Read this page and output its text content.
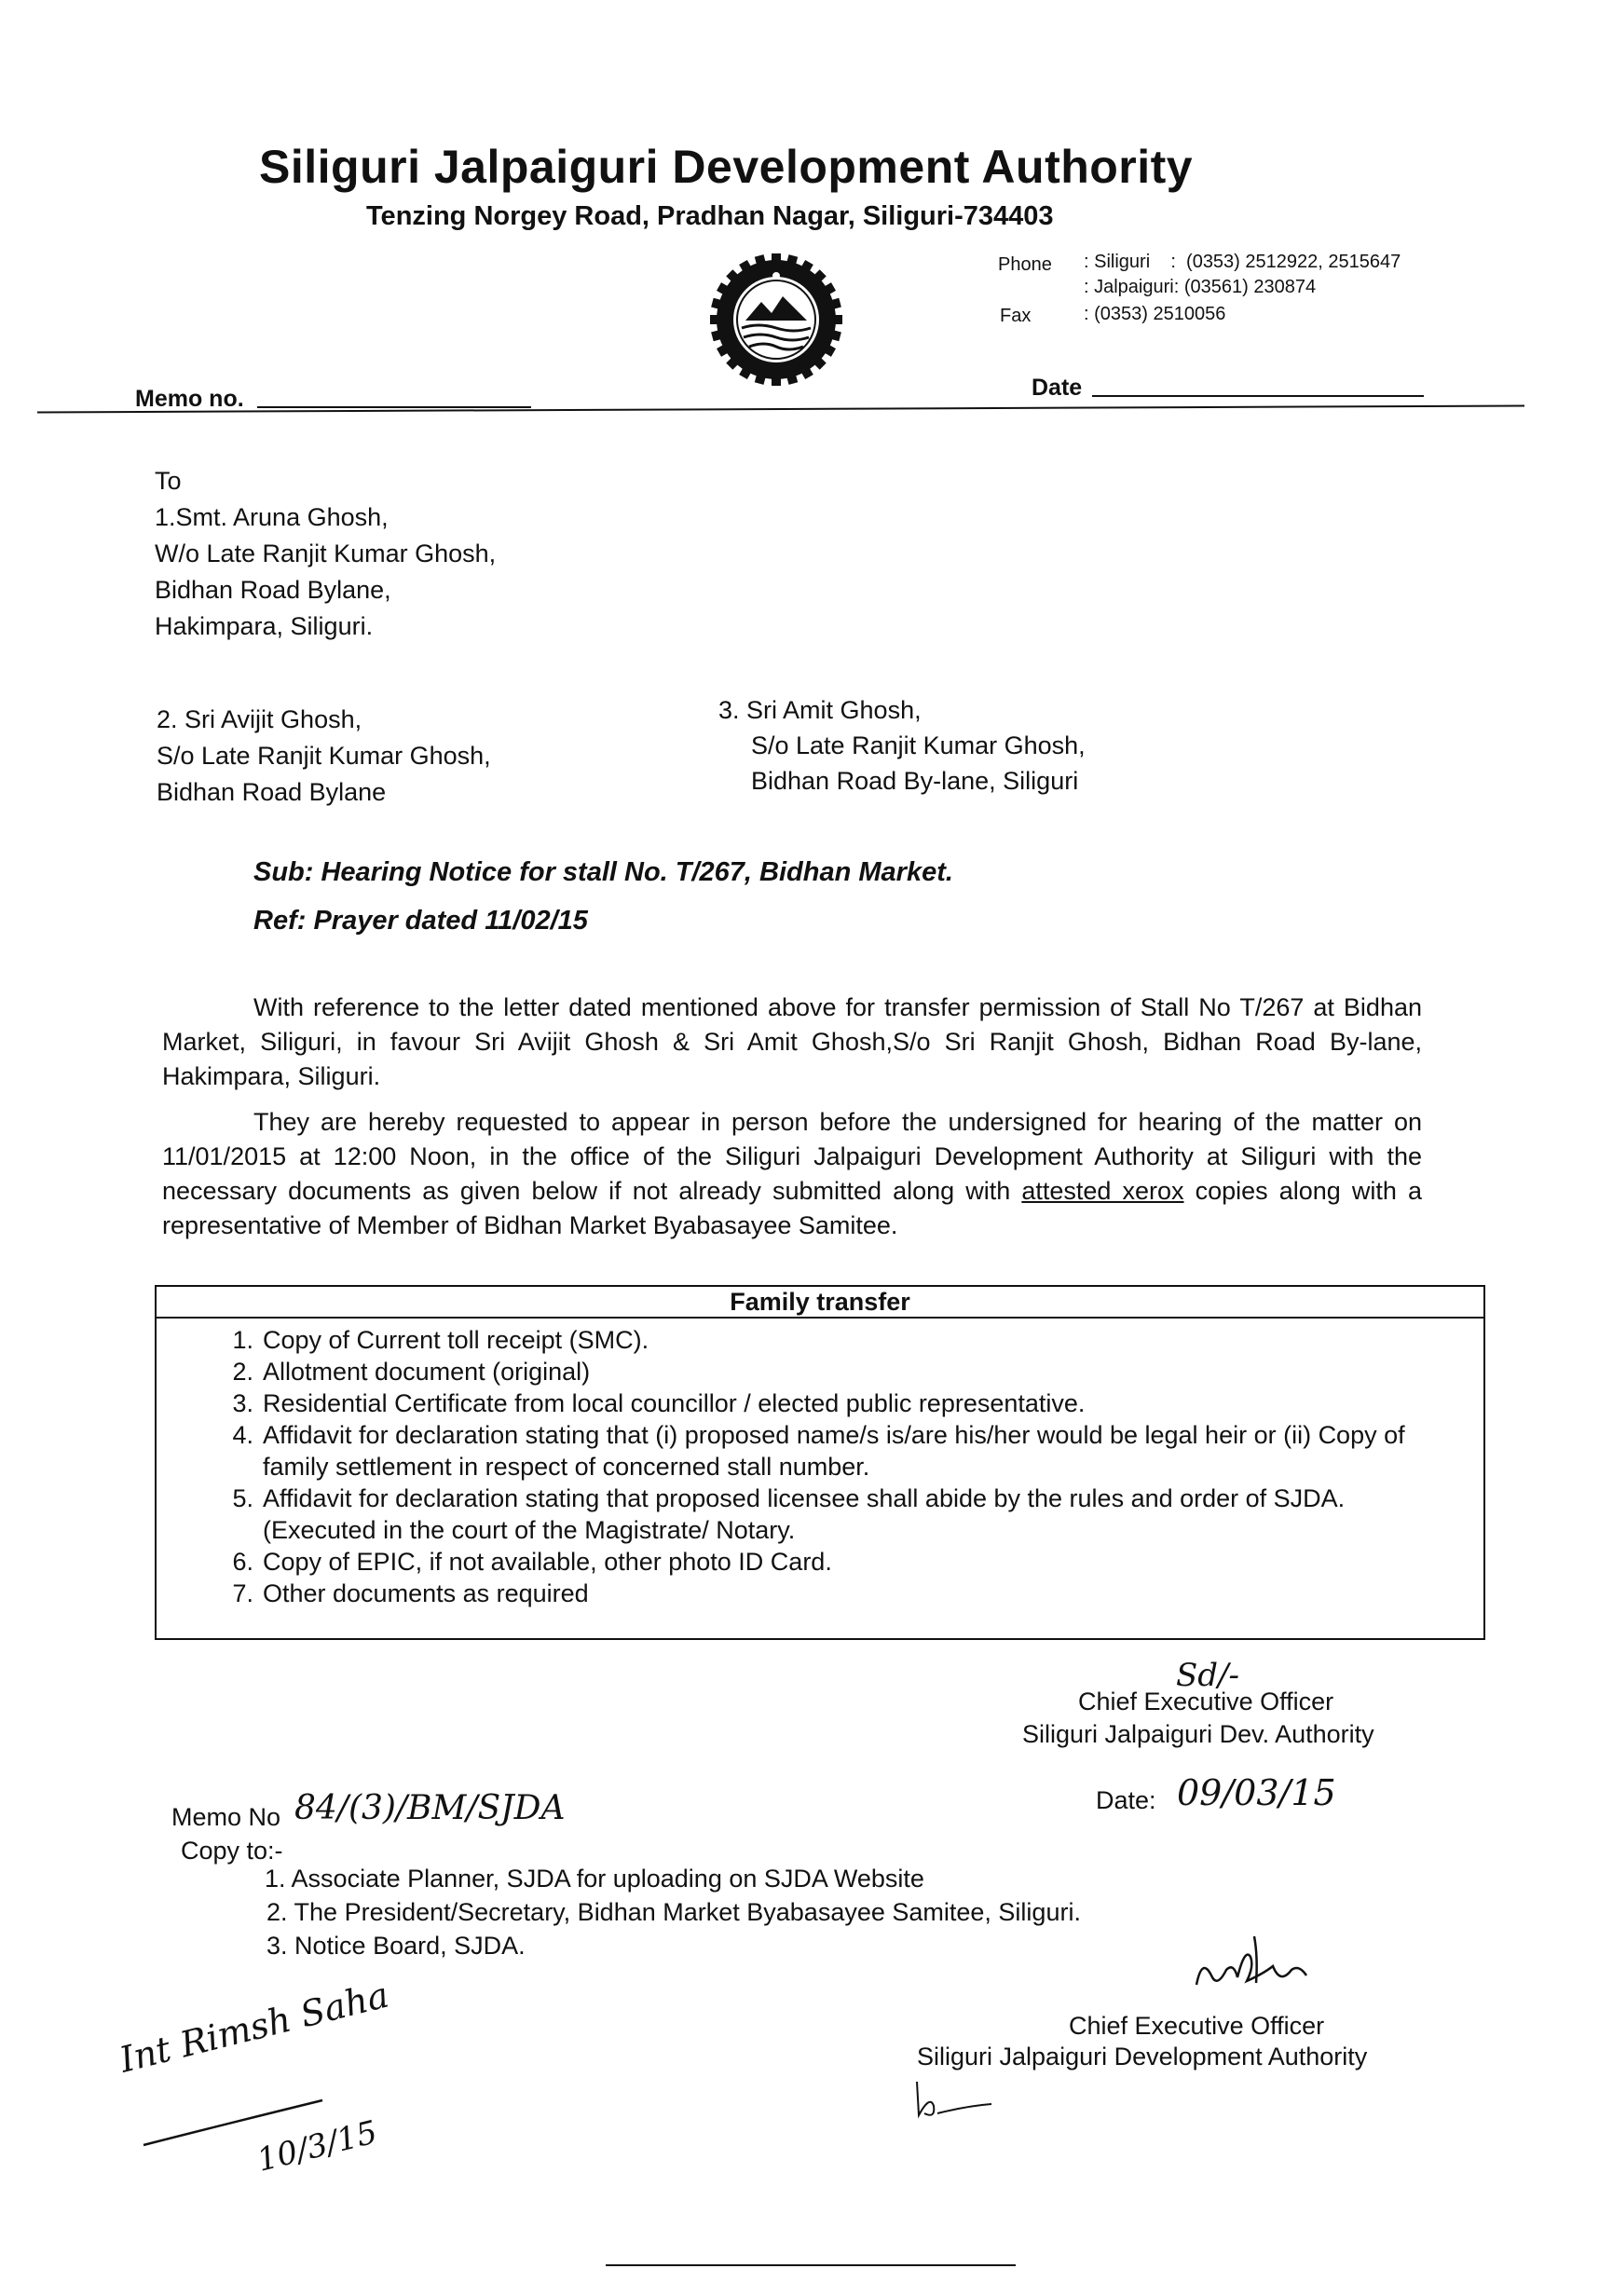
Siliguri Jalpaiguri Development Authority
Tenzing Norgey Road, Pradhan Nagar, Siliguri-734403
Phone : Siliguri    :  (0353) 2512922, 2515647
: Jalpaiguri: (03561) 230874
Fax	: (0353) 2510056
Memo no.	Date
To
1.Smt. Aruna Ghosh,
W/o Late Ranjit Kumar Ghosh,
Bidhan Road Bylane,
Hakimpara, Siliguri.
2. Sri Avijit Ghosh,
S/o Late Ranjit Kumar Ghosh,
Bidhan Road Bylane
3. Sri Amit Ghosh,
S/o Late Ranjit Kumar Ghosh,
Bidhan Road By-lane, Siliguri
Sub: Hearing Notice for stall No. T/267, Bidhan Market.
Ref: Prayer dated 11/02/15
With reference to the letter dated mentioned above for transfer permission of Stall No T/267 at Bidhan Market, Siliguri, in favour Sri Avijit Ghosh & Sri Amit Ghosh,S/o Sri Ranjit Ghosh, Bidhan Road By-lane, Hakimpara, Siliguri.
They are hereby requested to appear in person before the undersigned for hearing of the matter on 11/01/2015 at 12:00 Noon, in the office of the Siliguri Jalpaiguri Development Authority at Siliguri with the necessary documents as given below if not already submitted along with attested xerox copies along with a representative of Member of Bidhan Market Byabasayee Samitee.
Family transfer
1. Copy of Current toll receipt (SMC).
2. Allotment document (original)
3. Residential Certificate from local councillor / elected public representative.
4. Affidavit for declaration stating that (i) proposed name/s is/are his/her would be legal heir or (ii) Copy of family settlement in respect of concerned stall number.
5. Affidavit for declaration stating that proposed licensee shall abide by the rules and order of SJDA. (Executed in the court of the Magistrate/ Notary.
6. Copy of EPIC, if not available, other photo ID Card.
7. Other documents as required
Sd/-
Chief Executive Officer
Siliguri Jalpaiguri Dev. Authority
Memo No 84/(3)/BM/SJDA	Date: 09/03/15
Copy to:-
1. Associate Planner, SJDA for uploading on SJDA Website
2. The President/Secretary, Bidhan Market Byabasayee Samitee, Siliguri.
3. Notice Board, SJDA.
Chief Executive Officer
Siliguri Jalpaiguri Development Authority
Int Rimsh Saha
10/3/15
